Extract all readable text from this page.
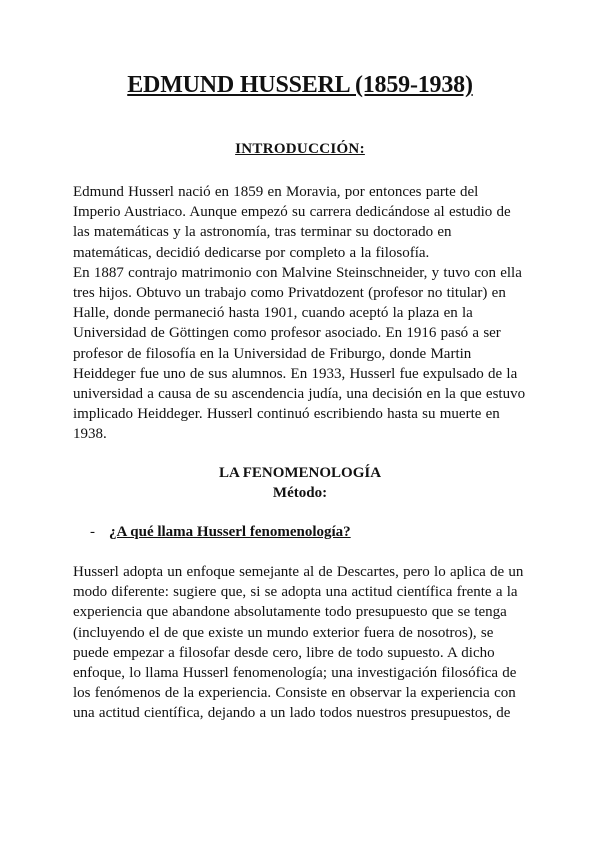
EDMUND HUSSERL (1859-1938)
INTRODUCCIÓN:

Edmund Husserl nació en 1859 en Moravia, por entonces parte del
Imperio Austriaco. Aunque empezó su carrera dedicándose al estudio de
las matemáticas y la astronomía, tras terminar su doctorado en
matemáticas, decidió dedicarse por completo a la filosofía.
En 1887 contrajo matrimonio con Malvine Steinschneider, y tuvo con ella
tres hijos. Obtuvo un trabajo como Privatdozent (profesor no titular) en
Halle, donde permaneció hasta 1901, cuando aceptó la plaza en la
Universidad de Göttingen como profesor asociado. En 1916 pasó a ser
profesor de filosofía en la Universidad de Friburgo, donde Martin
Heiddeger fue uno de sus alumnos. En 1933, Husserl fue expulsado de la
universidad a causa de su ascendencia judía, una decisión en la que estuvo
implicado Heiddeger. Husserl continuó escribiendo hasta su muerte en
1938.

LA FENOMENOLOGÍA
Método:

- ¿A qué llama Husserl fenomenología?

Husserl adopta un enfoque semejante al de Descartes, pero lo aplica de un
modo diferente: sugiere que, si se adopta una actitud científica frente a la
experiencia que abandone absolutamente todo presupuesto que se tenga
(incluyendo el de que existe un mundo exterior fuera de nosotros), se
puede empezar a filosofar desde cero, libre de todo supuesto. A dicho
enfoque, lo llama Husserl fenomenología; una investigación filosófica de
los fenómenos de la experiencia. Consiste en observar la experiencia con
una actitud científica, dejando a un lado todos nuestros presupuestos, de
